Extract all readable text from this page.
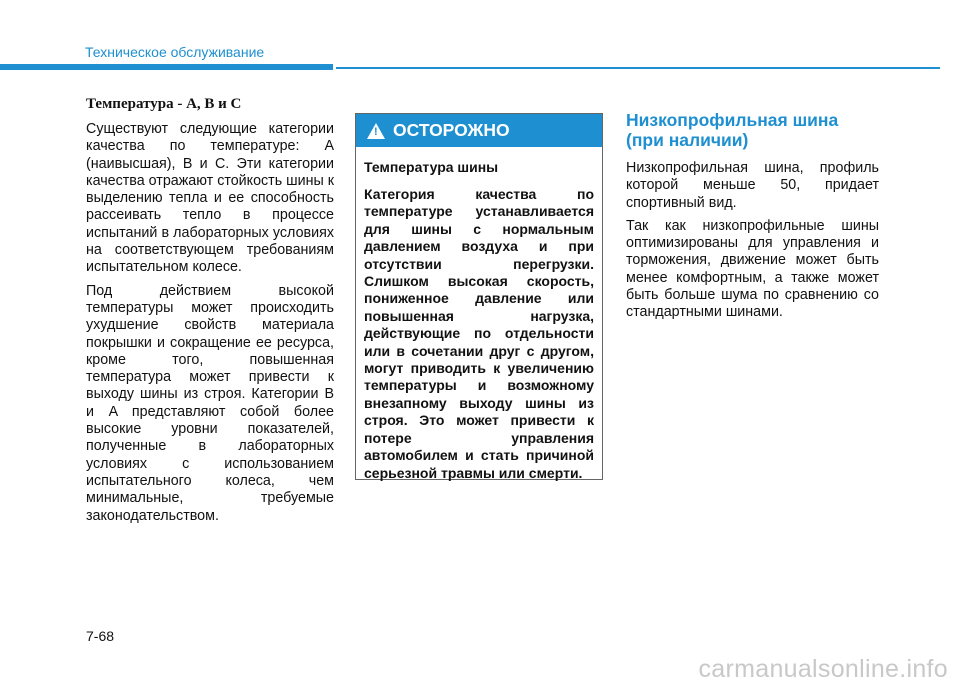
Техническое обслуживание
Температура - A, B и C

Существуют следующие категории качества по температуре: A (наивысшая), B и C. Эти категории качества отражают стойкость шины к выделению тепла и ее способность рассеивать тепло в процессе испытаний в лабораторных условиях на соответствующем требованиям испытательном колесе.

Под действием высокой температуры может происходить ухудшение свойств материала покрышки и сокращение ее ресурса, кроме того, повышенная температура может привести к выходу шины из строя. Категории B и A представляют собой более высокие уровни показателей, полученные в лабораторных условиях с использованием испытательного колеса, чем минимальные, требуемые законодательством.

! ОСТОРОЖНО
Температура шины

Категория качества по температуре устанавливается для шины с нормальным давлением воздуха и при отсутствии перегрузки. Слишком высокая скорость, пониженное давление или повышенная нагрузка, действующие по отдельности или в сочетании друг с другом, могут приводить к увеличению температуры и возможному внезапному выходу шины из строя. Это может привести к потере управления автомобилем и стать причиной серьезной травмы или смерти.

Низкопрофильная шина (при наличии)

Низкопрофильная шина, профиль которой меньше 50, придает спортивный вид.

Так как низкопрофильные шины оптимизированы для управления и торможения, движение может быть менее комфортным, а также может быть больше шума по сравнению со стандартными шинами.

7-68
carmanualsonline.info
